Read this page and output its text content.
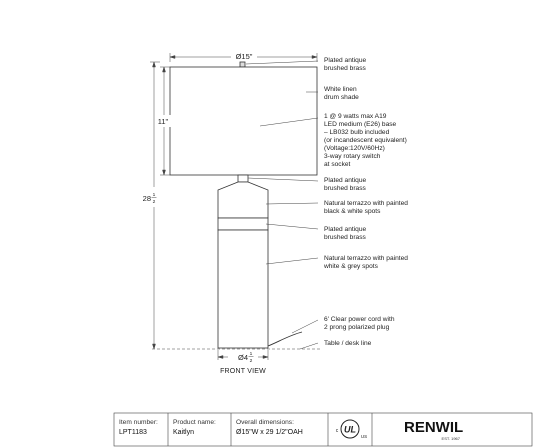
Ø15"
11"
28 1
2
Ø4 1
2
FRONT VIEW
Plated antique
brushed brass
White linen
drum shade
1 @ 9 watts max A19
LED medium (E26) base
– LB032 bulb included
(or incandescent equivalent)
(Voltage:120V/60Hz)
3-way rotary switch
at socket
Plated antique
brushed brass
Natural terrazzo with painted
black & white spots
Plated antique
brushed brass
Natural terrazzo with painted
white & grey spots
6' Clear power cord with
2 prong polarized plug
Table / desk line
Item number:
LPT1183
Product name:
Kaitlyn
Overall dimensions:
Ø15"W x 29 1/2"OAH	UL
c
US
RENWIL
EST. 1967
